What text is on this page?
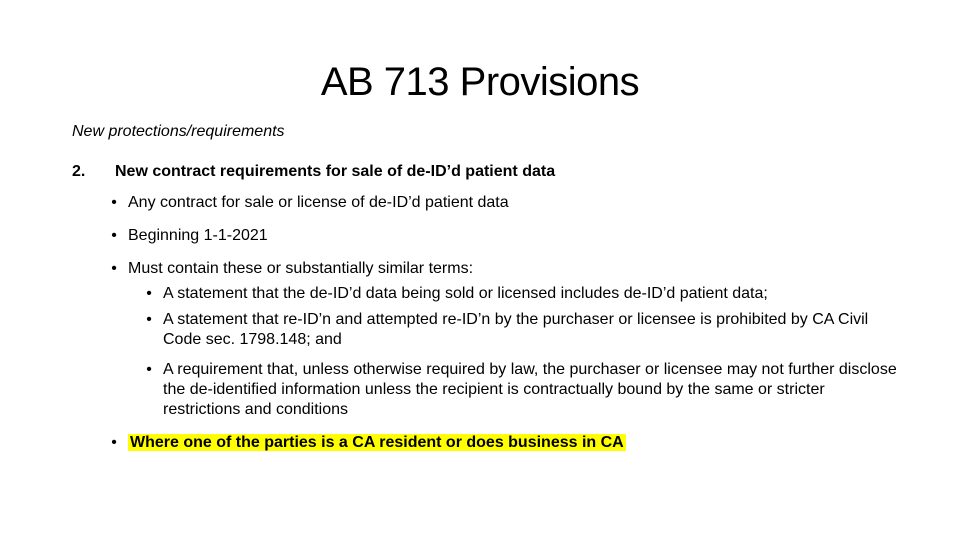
AB 713 Provisions
New protections/requirements
2. New contract requirements for sale of de-ID’d patient data
• Any contract for sale or license of de-ID’d patient data
• Beginning 1-1-2021
• Must contain these or substantially similar terms:
• A statement that the de-ID’d data being sold or licensed includes de-ID’d patient data;
• A statement that re-ID’n and attempted re-ID’n by the purchaser or licensee is prohibited by CA Civil Code sec. 1798.148; and
• A requirement that, unless otherwise required by law, the purchaser or licensee may not further disclose the de-identified information unless the recipient is contractually bound by the same or stricter restrictions and conditions
• Where one of the parties is a CA resident or does business in CA
